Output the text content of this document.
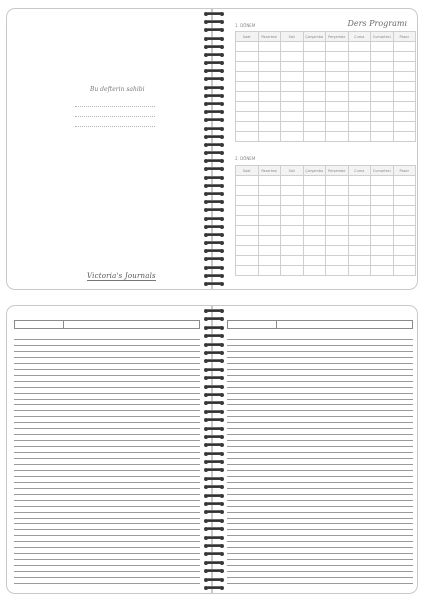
Bu defterin sahibi
Victoria's Journals
Ders Programı
1. DÖNEM
Saat	Pazartesi	Salı	Çarşamba	Perşembe	Cuma	Cumartesi	Pazar

2. DÖNEM
Saat	Pazartesi	Salı	Çarşamba	Perşembe	Cuma	Cumartesi	Pazar
